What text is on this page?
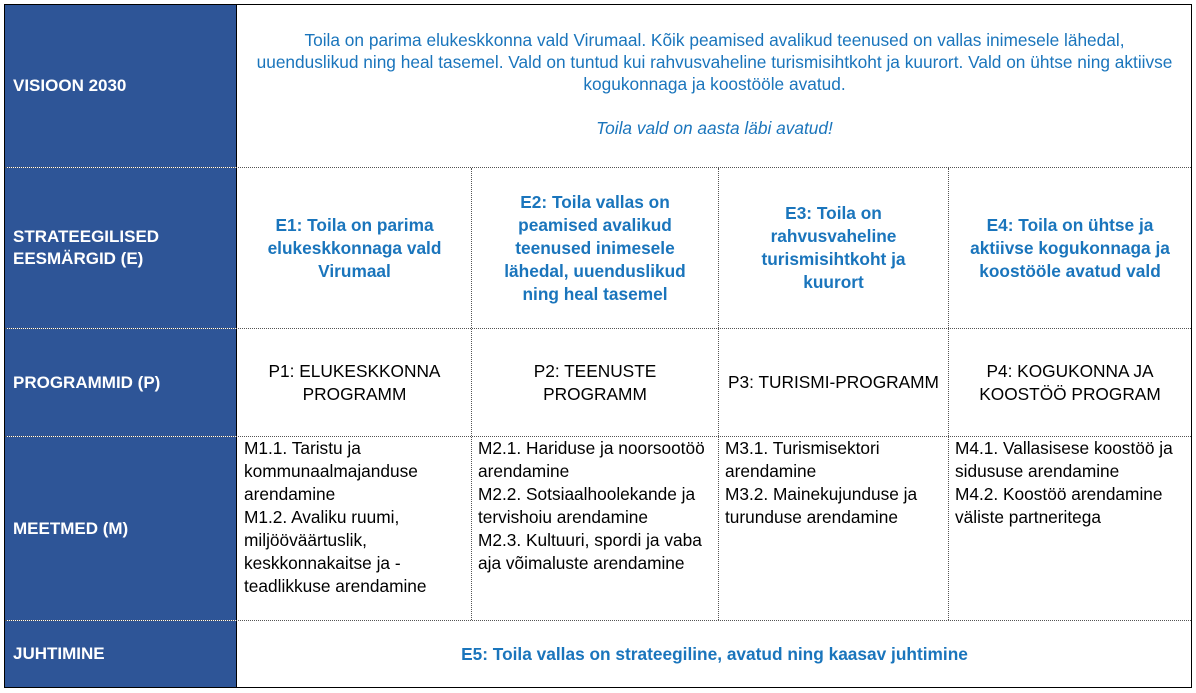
VISIOON 2030
Toila on parima elukeskkonna vald Virumaal. Kõik peamised avalikud teenused on vallas inimesele lähedal, uuenduslikud ning heal tasemel. Vald on tuntud kui rahvusvaheline turismisihtkoht ja kuurort. Vald on ühtse ning aktiivse kogukonnaga ja koostööle avatud.
Toila vald on aasta läbi avatud!
STRATEEGILISED
EESMÄRGID (E)
E1: Toila on parima elukeskkonnaga vald Virumaal
E2: Toila vallas on peamised avalikud teenused inimesele lähedal, uuenduslikud ning heal tasemel
E3: Toila on rahvusvaheline turismisihtkoht ja kuurort
E4: Toila on ühtse ja aktiivse kogukonnaga ja koostööle avatud vald
PROGRAMMID (P)
P1: ELUKESKKONNA PROGRAMM
P2: TEENUSTE PROGRAMM
P3: TURISMI-PROGRAMM
P4: KOGUKONNA JA KOOSTÖÖ PROGRAM
MEETMED (M)
M1.1. Taristu ja kommunaalmajanduse arendamine
M1.2. Avaliku ruumi, miljööväärtuslik, keskkonnakaitse ja -teadlikkuse arendamine
M2.1. Hariduse ja noorsootöö arendamine
M2.2. Sotsiaalhoolekande ja tervishoiu arendamine
M2.3. Kultuuri, spordi ja vaba aja võimaluste arendamine
M3.1. Turismisektori arendamine
M3.2. Mainekujunduse ja turunduse arendamine
M4.1. Vallasisese koostöö ja sidususe arendamine
M4.2. Koostöö arendamine väliste partneritega
JUHTIMINE	E5: Toila vallas on strateegiline, avatud ning kaasav juhtimine
